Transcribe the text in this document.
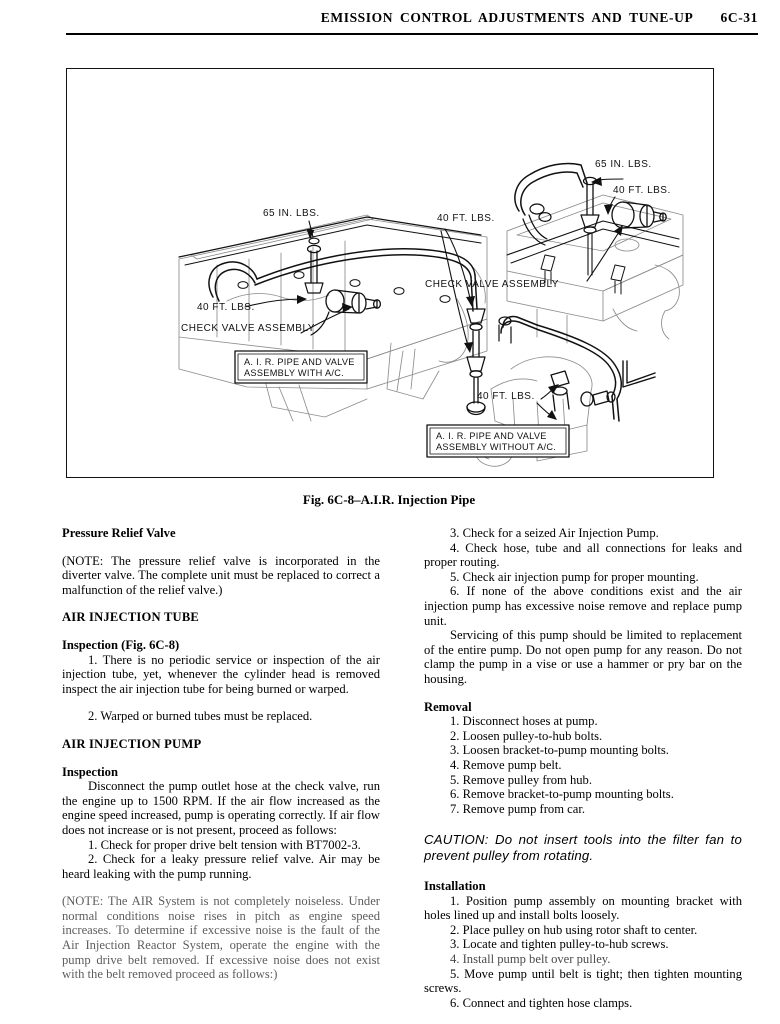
EMISSION CONTROL ADJUSTMENTS AND TUNE-UP 6C-31
65 IN. LBS.	40 FT. LBS.
40 FT. LBS.
CHECK VALVE ASSEMBLY
A. I. R. PIPE AND VALVE
ASSEMBLY WITH A/C.
65 IN. LBS.
40 FT. LBS.
CHECK VALVE ASSEMBLY
40 FT. LBS.
A. I. R. PIPE AND VALVE
ASSEMBLY WITHOUT A/C.
Fig. 6C-8–A.I.R. Injection Pipe

Pressure Relief Valve

(NOTE: The pressure relief valve is incorporated in the diverter valve. The complete unit must be replaced to correct a malfunction of the relief valve.)

AIR INJECTION TUBE

Inspection (Fig. 6C-8)

1. There is no periodic service or inspection of the air injection tube, yet, whenever the cylinder head is removed inspect the air injection tube for being burned or warped.

2. Warped or burned tubes must be replaced.

AIR INJECTION PUMP

Inspection

Disconnect the pump outlet hose at the check valve, run the engine up to 1500 RPM. If the air flow increased as the engine speed increased, pump is operating correctly. If air flow does not increase or is not present, proceed as follows:

1. Check for proper drive belt tension with BT7002-3.

2. Check for a leaky pressure relief valve. Air may be heard leaking with the pump running.

(NOTE: The AIR System is not completely noiseless. Under normal conditions noise rises in pitch as engine speed increases. To determine if excessive noise is the fault of the Air Injection Reactor System, operate the engine with the pump drive belt removed. If excessive noise does not exist with the belt removed proceed as follows:)

3. Check for a seized Air Injection Pump.

4. Check hose, tube and all connections for leaks and proper routing.

5. Check air injection pump for proper mounting.

6. If none of the above conditions exist and the air injection pump has excessive noise remove and replace pump unit.

Servicing of this pump should be limited to replacement of the entire pump. Do not open pump for any reason. Do not clamp the pump in a vise or use a hammer or pry bar on the housing.

Removal

1. Disconnect hoses at pump.

2. Loosen pulley-to-hub bolts.

3. Loosen bracket-to-pump mounting bolts.

4. Remove pump belt.

5. Remove pulley from hub.

6. Remove bracket-to-pump mounting bolts.

7. Remove pump from car.

CAUTION: Do not insert tools into the filter fan to prevent pulley from rotating.

Installation

1. Position pump assembly on mounting bracket with holes lined up and install bolts loosely.

2. Place pulley on hub using rotor shaft to center.

3. Locate and tighten pulley-to-hub screws.

4. Install pump belt over pulley.

5. Move pump until belt is tight; then tighten mounting screws.

6. Connect and tighten hose clamps.
